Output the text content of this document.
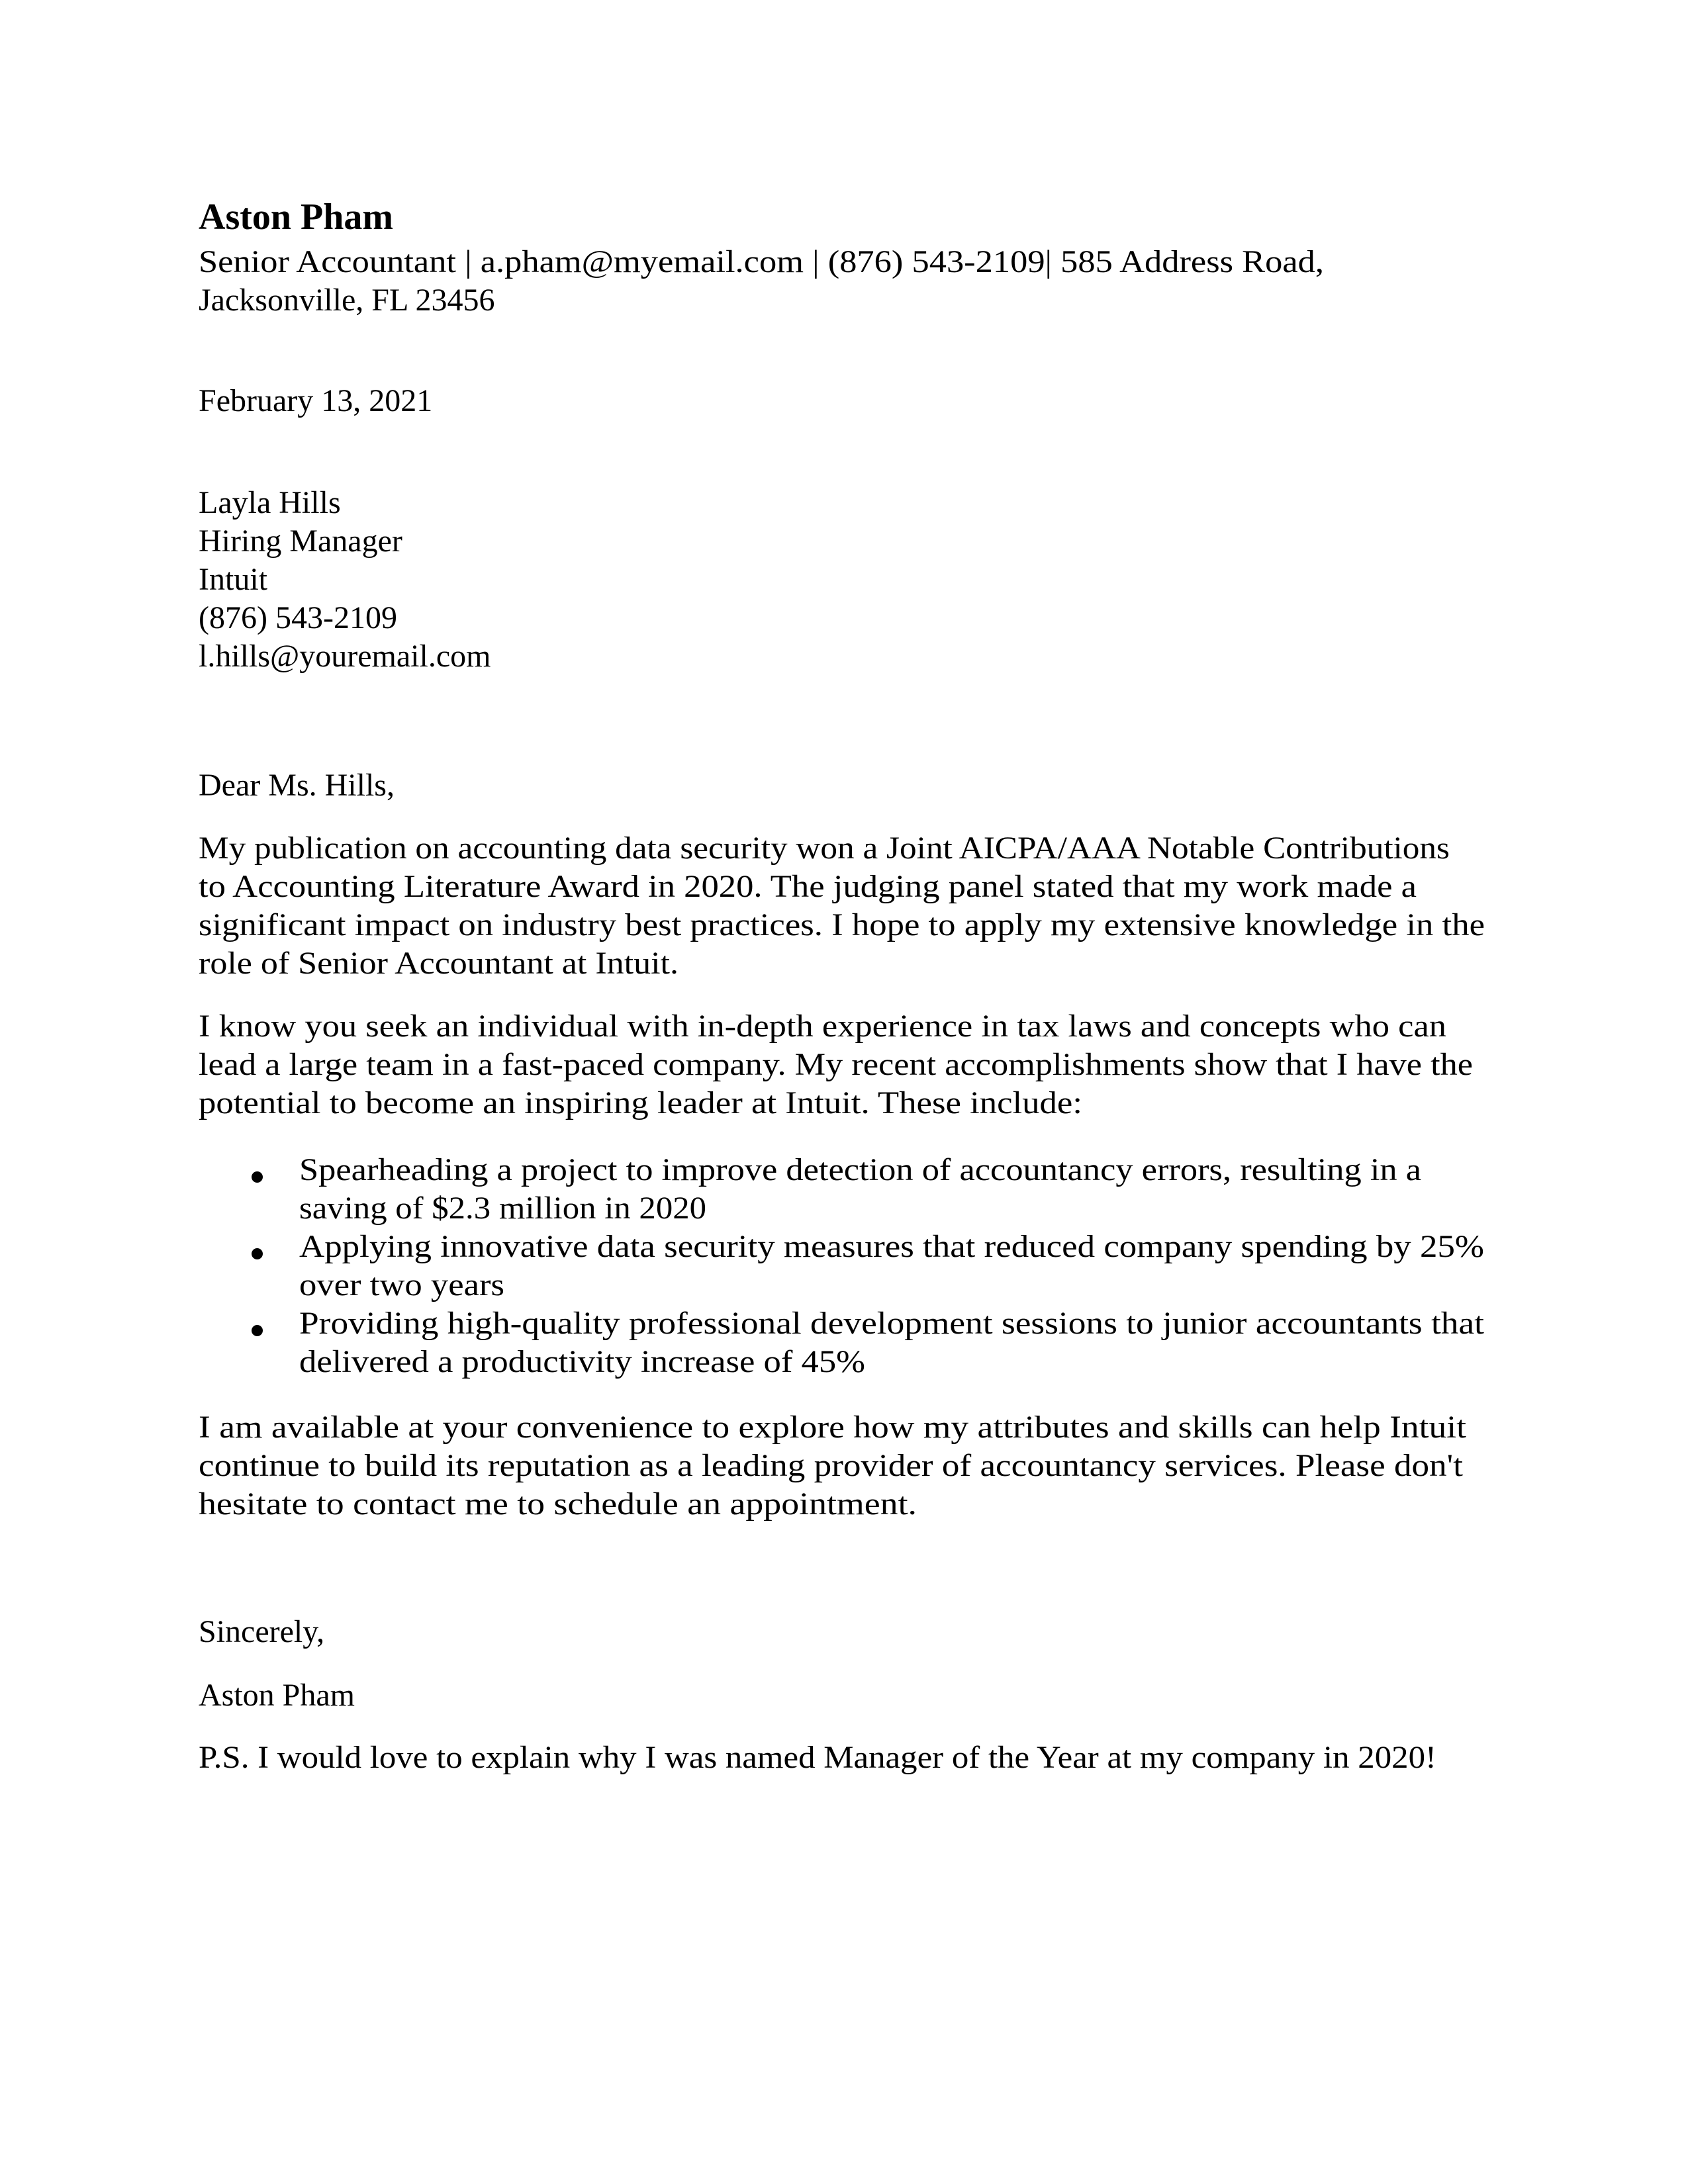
Aston Pham
Senior Accountant | a.pham@myemail.com | (876) 543-2109| 585 Address Road,
Jacksonville, FL 23456
February 13, 2021
Layla Hills
Hiring Manager
Intuit
(876) 543-2109
l.hills@youremail.com
Dear Ms. Hills,
My publication on accounting data security won a Joint AICPA/AAA Notable Contributions
to Accounting Literature Award in 2020. The judging panel stated that my work made a
significant impact on industry best practices. I hope to apply my extensive knowledge in the
role of Senior Accountant at Intuit.
I know you seek an individual with in-depth experience in tax laws and concepts who can
lead a large team in a fast-paced company. My recent accomplishments show that I have the
potential to become an inspiring leader at Intuit. These include:
Spearheading a project to improve detection of accountancy errors, resulting in a
saving of $2.3 million in 2020
Applying innovative data security measures that reduced company spending by 25%
over two years
Providing high-quality professional development sessions to junior accountants that
delivered a productivity increase of 45%
I am available at your convenience to explore how my attributes and skills can help Intuit
continue to build its reputation as a leading provider of accountancy services. Please don't
hesitate to contact me to schedule an appointment.
Sincerely,
Aston Pham
P.S. I would love to explain why I was named Manager of the Year at my company in 2020!
